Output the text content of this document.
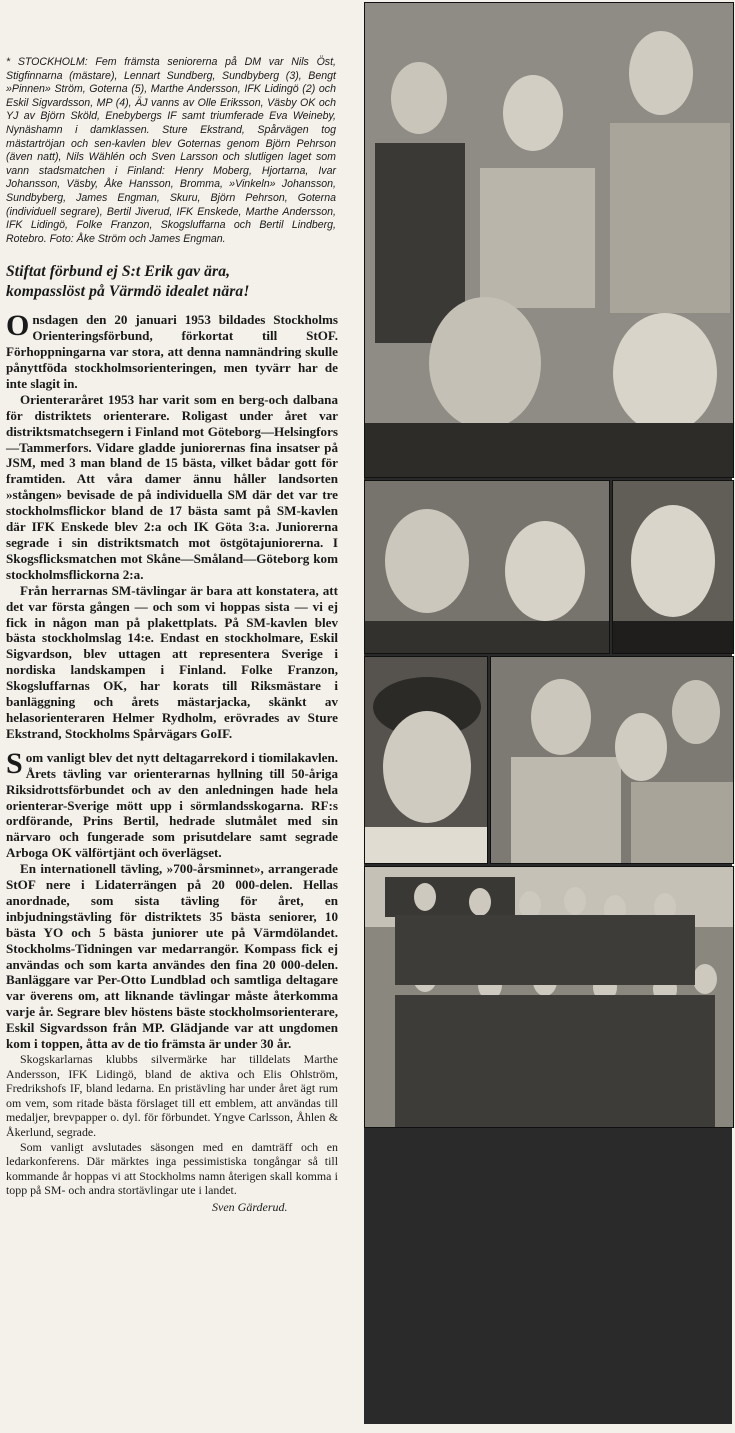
* STOCKHOLM: Fem främsta seniorerna på DM var Nils Öst, Stigfinnarna (mästare), Lennart Sundberg, Sundbyberg (3), Bengt »Pinnen» Ström, Goterna (5), Marthe Andersson, IFK Lidingö (2) och Eskil Sigvardsson, MP (4), ÄJ vanns av Olle Eriksson, Väsby OK och YJ av Björn Sköld, Enebybergs IF samt triumferade Eva Weineby, Nynäshamn i damklassen. Sture Ekstrand, Spårvägen tog mästartröjan och sen-kavlen blev Goternas genom Björn Pehrson (även natt), Nils Wählén och Sven Larsson och slutligen laget som vann stadsmatchen i Finland: Henry Moberg, Hjortarna, Ivar Johansson, Väsby, Åke Hansson, Bromma, »Vinkeln» Johansson, Sundbyberg, James Engman, Skuru, Björn Pehrson, Goterna (individuell segrare), Bertil Jiverud, IFK Enskede, Marthe Andersson, IFK Lidingö, Folke Franzon, Skogsluffarna och Bertil Lindberg, Rotebro. Foto: Åke Ström och James Engman.

Stiftat förbund ej S:t Erik gav ära,
kompasslöst på Värmdö idealet nära!

Onsdagen den 20 januari 1953 bildades Stockholms Orienteringsförbund, förkortat till StOF. Förhoppningarna var stora, att denna namnändring skulle pånyttföda stockholmsorienteringen, men tyvärr har de inte slagit in.

Orienteraråret 1953 har varit som en berg-och dalbana för distriktets orienterare. Roligast under året var distriktsmatchsegern i Finland mot Göteborg—Helsingfors—Tammerfors. Vidare gladde juniorernas fina insatser på JSM, med 3 man bland de 15 bästa, vilket bådar gott för framtiden. Att våra damer ännu håller landsorten »stången» bevisade de på individuella SM där det var tre stockholmsflickor bland de 17 bästa samt på SM-kavlen där IFK Enskede blev 2:a och IK Göta 3:a. Juniorerna segrade i sin distriktsmatch mot östgötajuniorerna. I Skogsflicksmatchen mot Skåne—Småland—Göteborg kom stockholmsflickorna 2:a.

Från herrarnas SM-tävlingar är bara att konstatera, att det var första gången — och som vi hoppas sista — vi ej fick in någon man på plakettplats. På SM-kavlen blev bästa stockholmslag 14:e. Endast en stockholmare, Eskil Sigvardson, blev uttagen att representera Sverige i nordiska landskampen i Finland. Folke Franzon, Skogsluffarnas OK, har korats till Riksmästare i banläggning och årets mästarjacka, skänkt av helasorienteraren Helmer Rydholm, erövrades av Sture Ekstrand, Stockholms Spårvägars GoIF.

Som vanligt blev det nytt deltagarrekord i tiomilakavlen. Årets tävling var orienterarnas hyllning till 50-åriga Riksidrottsförbundet och av den anledningen hade hela orienterar-Sverige mött upp i sörmlandsskogarna. RF:s ordförande, Prins Bertil, hedrade slutmålet med sin närvaro och fungerade som prisutdelare samt segrade Arboga OK välförtjänt och överlägset.

En internationell tävling, »700-årsminnet», arrangerade StOF nere i Lidaterrängen på 20 000-delen. Hellas anordnade, som sista tävling för året, en inbjudningstävling för distriktets 35 bästa seniorer, 10 bästa YO och 5 bästa juniorer ute på Värmdölandet. Stockholms-Tidningen var medarrangör. Kompass fick ej användas och som karta användes den fina 20 000-delen. Banläggare var Per-Otto Lundblad och samtliga deltagare var överens om, att liknande tävlingar måste återkomma varje år. Segrare blev höstens bäste stockholmsorienterare, Eskil Sigvardsson från MP. Glädjande var att ungdomen kom i toppen, åtta av de tio främsta är under 30 år.

Skogskarlarnas klubbs silvermärke har tilldelats Marthe Andersson, IFK Lidingö, bland de aktiva och Elis Ohlström, Fredrikshofs IF, bland ledarna. En pristävling har under året ägt rum om vem, som ritade bästa förslaget till ett emblem, att användas till medaljer, brevpapper o. dyl. för förbundet. Yngve Carlsson, Åhlen & Åkerlund, segrade.

Som vanligt avslutades säsongen med en damträff och en ledarkonferens. Där märktes inga pessimistiska tongångar så till kommande år hoppas vi att Stockholms namn återigen skall komma i topp på SM- och andra stortävlingar ute i landet.

Sven Gärderud.
